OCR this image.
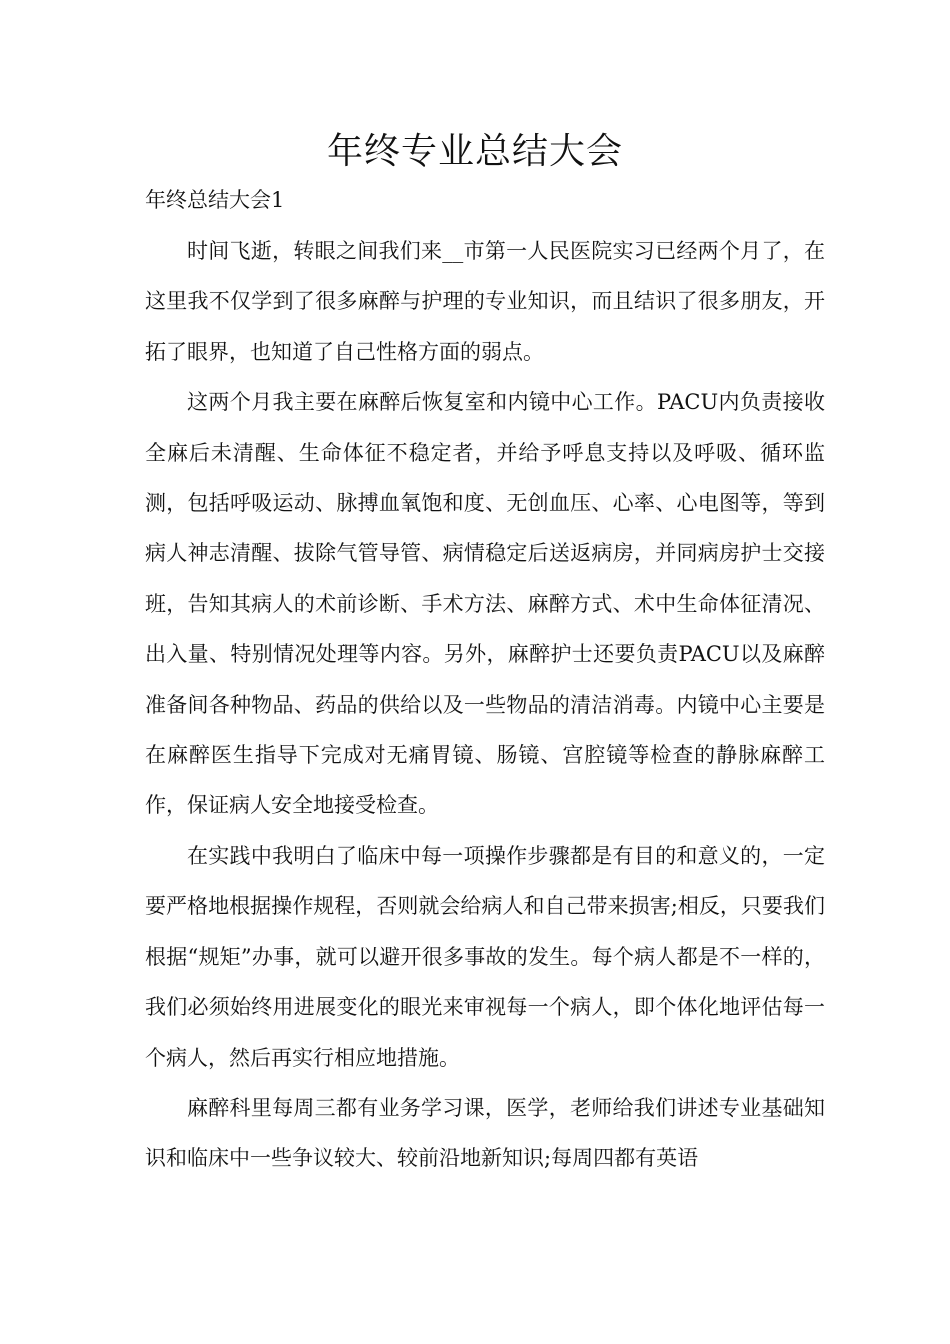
年终专业总结大会
年终总结大会1

时间飞逝，转眼之间我们来__市第一人民医院实习已经两个月了，在这里我不仅学到了很多麻醉与护理的专业知识，而且结识了很多朋友，开拓了眼界，也知道了自己性格方面的弱点。

这两个月我主要在麻醉后恢复室和内镜中心工作。PACU内负责接收全麻后未清醒、生命体征不稳定者，并给予呼息支持以及呼吸、循环监测，包括呼吸运动、脉搏血氧饱和度、无创血压、心率、心电图等，等到病人神志清醒、拔除气管导管、病情稳定后送返病房，并同病房护士交接班，告知其病人的术前诊断、手术方法、麻醉方式、术中生命体征清况、出入量、特别情况处理等内容。另外，麻醉护士还要负责PACU以及麻醉准备间各种物品、药品的供给以及一些物品的清洁消毒。内镜中心主要是在麻醉医生指导下完成对无痛胃镜、肠镜、宫腔镜等检查的静脉麻醉工作，保证病人安全地接受检查。

在实践中我明白了临床中每一项操作步骤都是有目的和意义的，一定要严格地根据操作规程，否则就会给病人和自己带来损害;相反，只要我们根据“规矩”办事，就可以避开很多事故的发生。每个病人都是不一样的，我们必须始终用进展变化的眼光来审视每一个病人，即个体化地评估每一个病人，然后再实行相应地措施。

麻醉科里每周三都有业务学习课，医学，老师给我们讲述专业基础知识和临床中一些争议较大、较前沿地新知识;每周四都有英语
